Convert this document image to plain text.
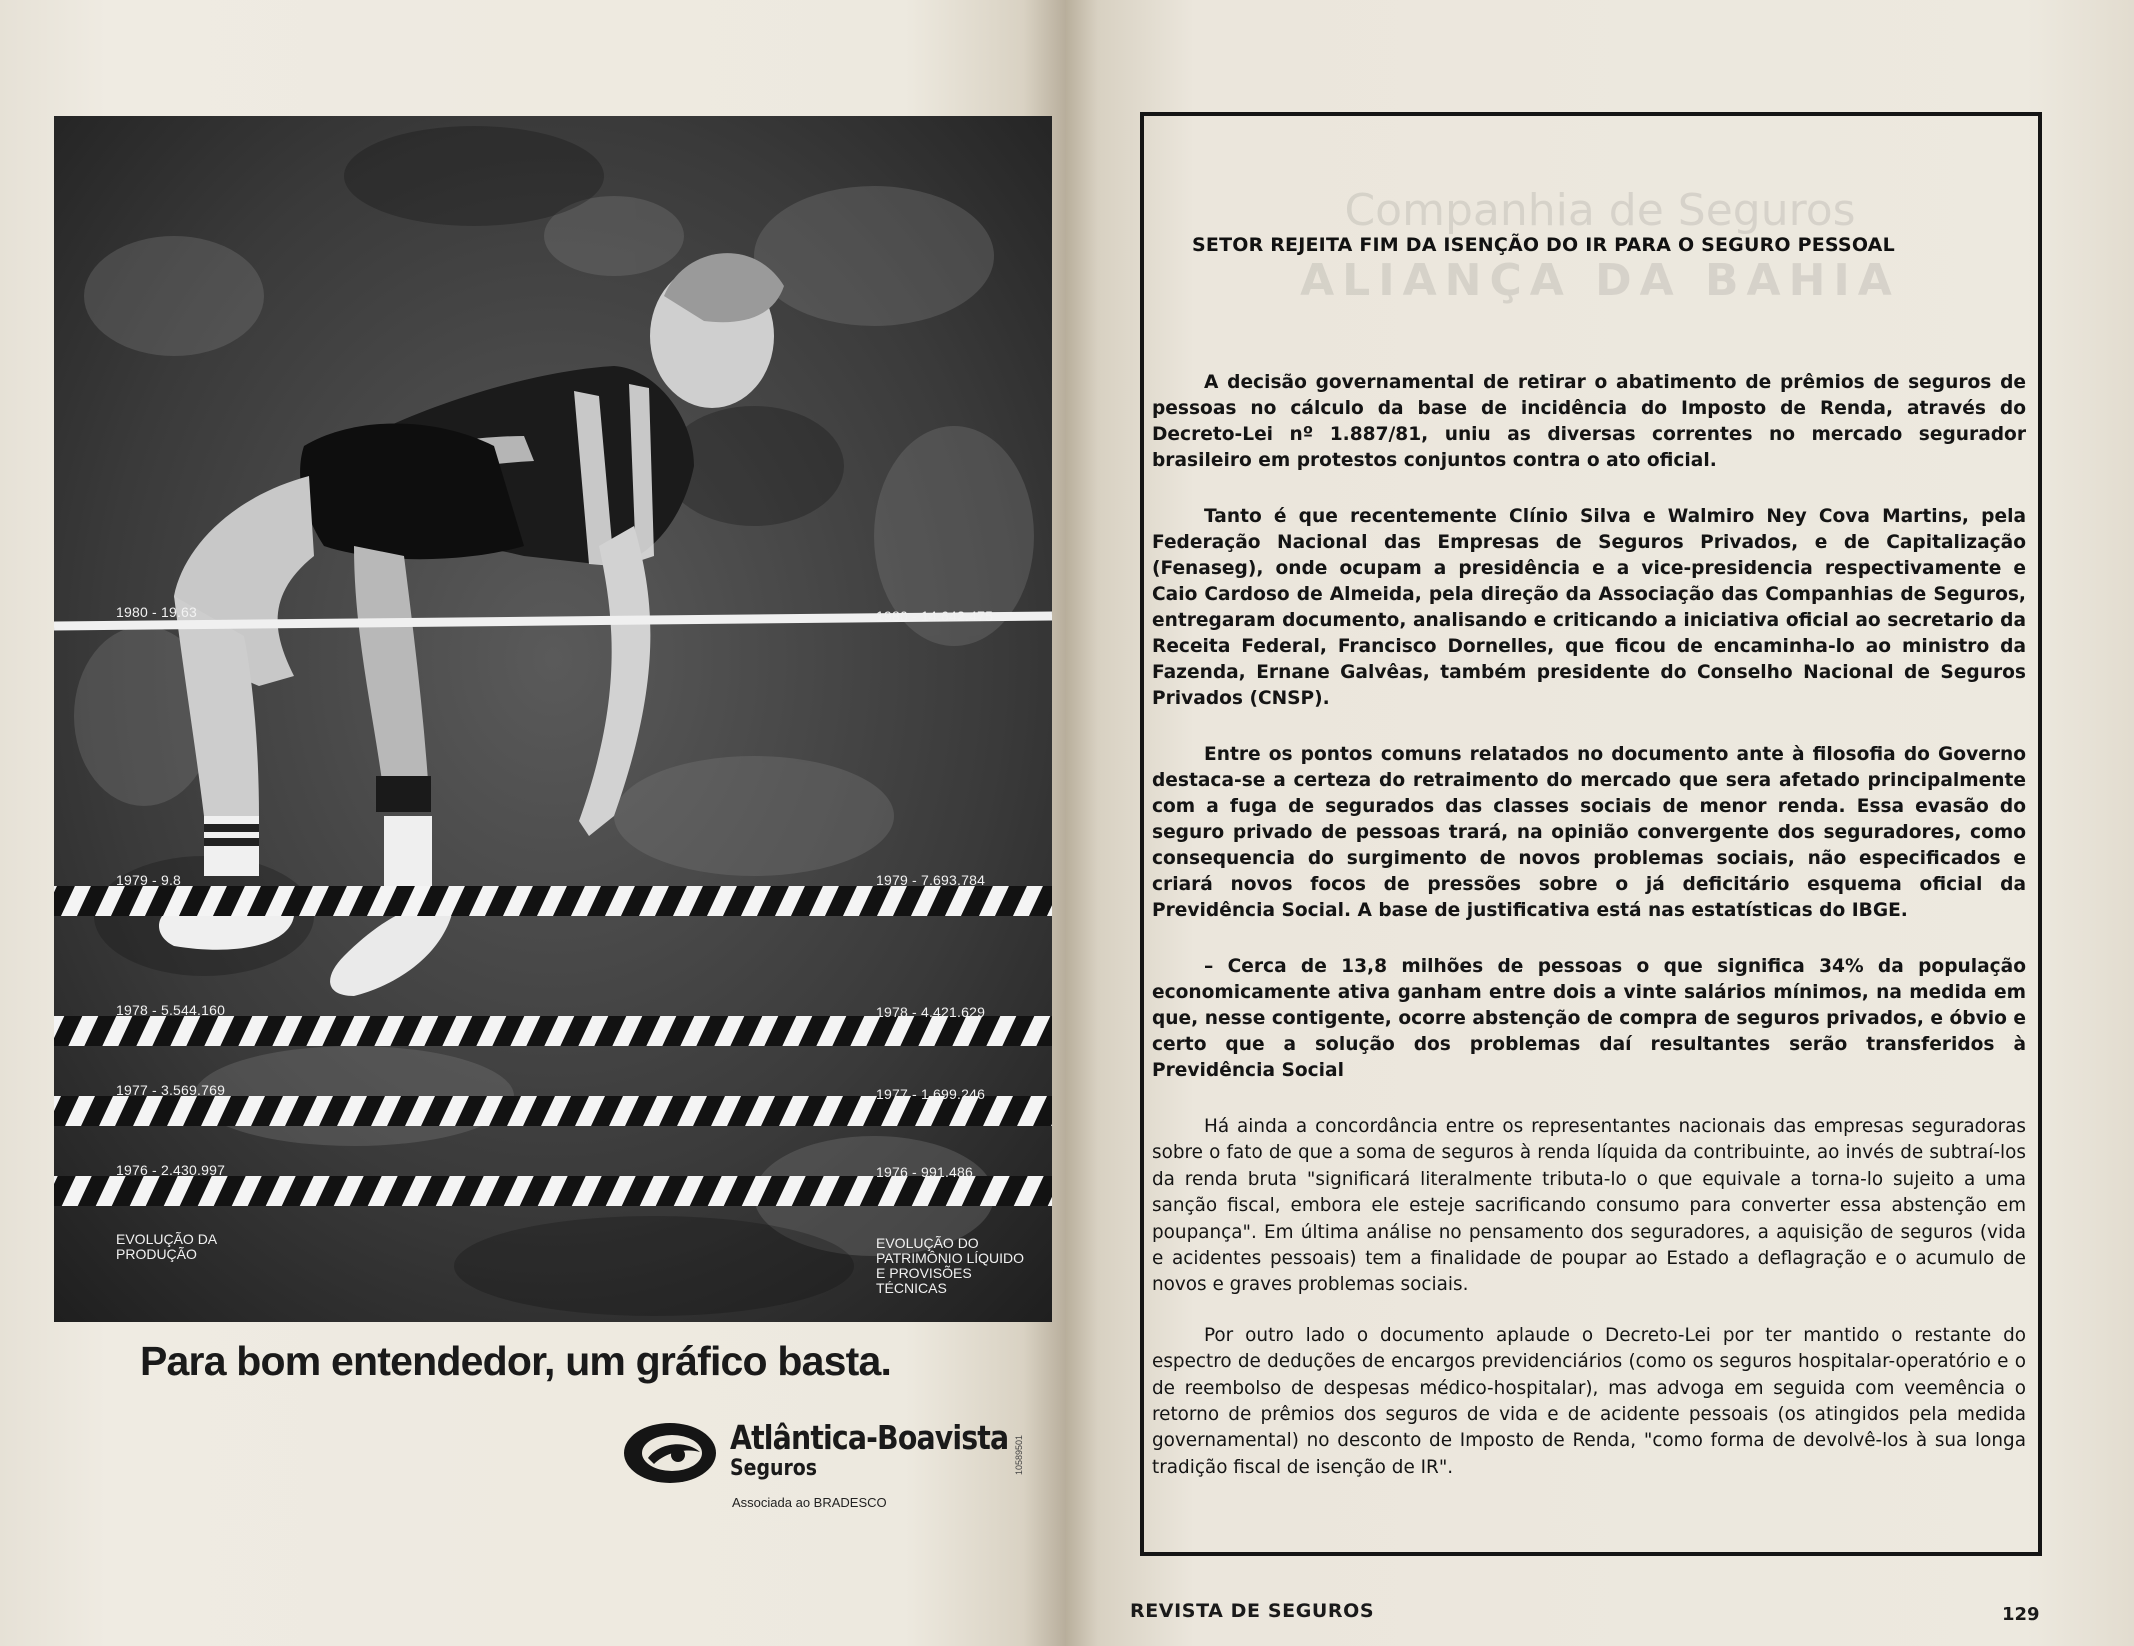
1980 - 19.63
1979 - 9.8
1978 - 5.544.160
1977 - 3.569.769
1976 - 2.430.997
1980 - 14.642.475
1979 - 7.693.784
1978 - 4.421.629
1977 - 1.699.246
1976 - 991.486
EVOLUÇÃO DA PRODUÇÃO
EVOLUÇÃO DO PATRIMÔNIO LÍQUIDO E PROVISÕES TÉCNICAS
Para bom entendedor, um gráfico basta.
Atlântica-Boavista
Seguros
Associada ao BRADESCO
10589501
Companhia de Seguros
ALIANÇA DA BAHIA
SETOR REJEITA FIM DA ISENÇÃO DO IR PARA O SEGURO PESSOAL

A decisão governamental de retirar o abatimento de prêmios de seguros de pessoas no cálculo da base de incidência do Imposto de Renda, através do Decreto-Lei nº 1.887/81, uniu as diversas correntes no mercado segurador brasileiro em protestos conjuntos contra o ato oficial.

Tanto é que recentemente Clínio Silva e Walmiro Ney Cova Martins, pela Federação Nacional das Empresas de Seguros Privados, e de Capitalização (Fenaseg), onde ocupam a presidência e a vice-presidencia respectivamente e Caio Cardoso de Almeida, pela direção da Associação das Companhias de Seguros, entregaram documento, analisando e criticando a iniciativa oficial ao secretario da Receita Federal, Francisco Dornelles, que ficou de encaminha-lo ao ministro da Fazenda, Ernane Galvêas, também presidente do Conselho Nacional de Seguros Privados (CNSP).

Entre os pontos comuns relatados no documento ante à filosofia do Governo destaca-se a certeza do retraimento do mercado que sera afetado principalmente com a fuga de segurados das classes sociais de menor renda. Essa evasão do seguro privado de pessoas trará, na opinião convergente dos seguradores, como consequencia do surgimento de novos problemas sociais, não especificados e criará novos focos de pressões sobre o já deficitário esquema oficial da Previdência Social. A base de justificativa está nas estatísticas do IBGE.

– Cerca de 13,8 milhões de pessoas o que significa 34% da população economicamente ativa ganham entre dois a vinte salários mínimos, na medida em que, nesse contigente, ocorre abstenção de compra de seguros privados, e óbvio e certo que a solução dos problemas daí resultantes serão transferidos à Previdência Social

Há ainda a concordância entre os representantes nacionais das empresas seguradoras sobre o fato de que a soma de seguros à renda líquida da contribuinte, ao invés de subtraí-los da renda bruta "significará literalmente tributa-lo o que equivale a torna-lo sujeito a uma sanção fiscal, embora ele esteje sacrificando consumo para converter essa abstenção em poupança". Em última análise no pensamento dos seguradores, a aquisição de seguros (vida e acidentes pessoais) tem a finalidade de poupar ao Estado a deflagração e o acumulo de novos e graves problemas sociais.

Por outro lado o documento aplaude o Decreto-Lei por ter mantido o restante do espectro de deduções de encargos previdenciários (como os seguros hospitalar-operatório e o de reembolso de despesas médico-hospitalar), mas advoga em seguida com veemência o retorno de prêmios dos seguros de vida e de acidente pessoais (os atingidos pela medida governamental) no desconto de Imposto de Renda, "como forma de devolvê-los à sua longa tradição fiscal de isenção de IR".

REVISTA DE SEGUROS	129
